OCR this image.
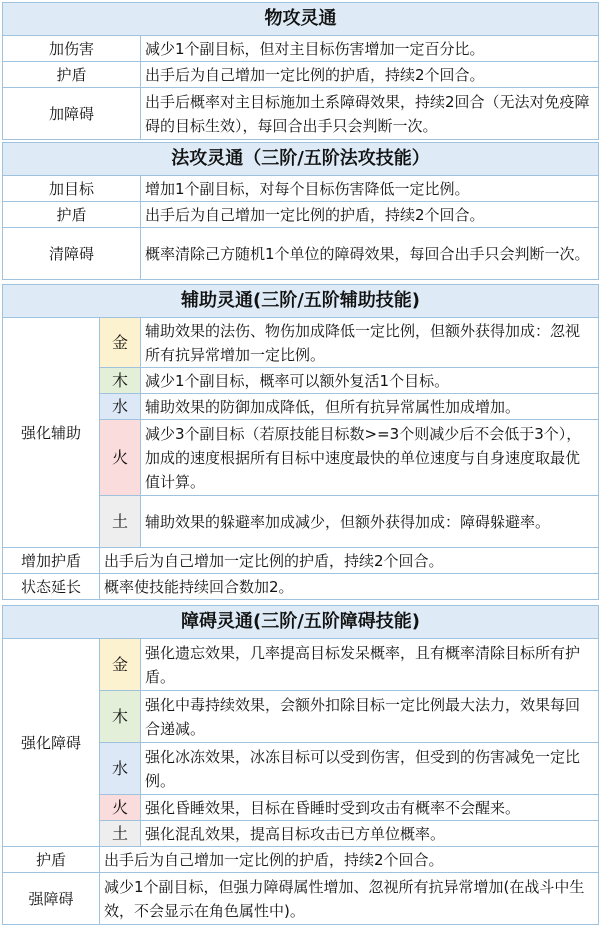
物攻灵通	
加伤害	减少1个副目标，但对主目标伤害增加一定百分比。
护盾	出手后为自己增加一定比例的护盾，持续2个回合。
加障碍	出手后概率对主目标施加土系障碍效果，持续2回合（无法对免疫障碍的目标生效），每回合出手只会判断一次。
法攻灵通（三阶/五阶法攻技能）	
加目标	增加1个副目标，对每个目标伤害降低一定比例。
护盾	出手后为自己增加一定比例的护盾，持续2个回合。
清障碍	概率清除己方随机1个单位的障碍效果，每回合出手只会判断一次。
辅助灵通(三阶/五阶辅助技能)		
强化辅助	金	辅助效果的法伤、物伤加成降低一定比例，但额外获得加成：忽视所有抗异常增加一定比例。
	木	减少1个副目标，概率可以额外复活1个目标。
	水	辅助效果的防御加成降低，但所有抗异常属性加成增加。
	火	减少3个副目标（若原技能目标数>=3个则减少后不会低于3个），加成的速度根据所有目标中速度最快的单位速度与自身速度取最优值计算。
	土	辅助效果的躲避率加成减少，但额外获得加成：障碍躲避率。
增加护盾	出手后为自己增加一定比例的护盾，持续2个回合。	
状态延长	概率使技能持续回合数加2。	
障碍灵通(三阶/五阶障碍技能)		
强化障碍	金	强化遗忘效果，几率提高目标发呆概率，且有概率清除目标所有护盾。
	木	强化中毒持续效果，会额外扣除目标一定比例最大法力，效果每回合递减。
	水	强化冰冻效果，冰冻目标可以受到伤害，但受到的伤害减免一定比例。
	火	强化昏睡效果，目标在昏睡时受到攻击有概率不会醒来。
	土	强化混乱效果，提高目标攻击已方单位概率。
护盾	出手后为自己增加一定比例的护盾，持续2个回合。	
强障碍	减少1个副目标，但强力障碍属性增加、忽视所有抗异常增加(在战斗中生效，不会显示在角色属性中)。	
